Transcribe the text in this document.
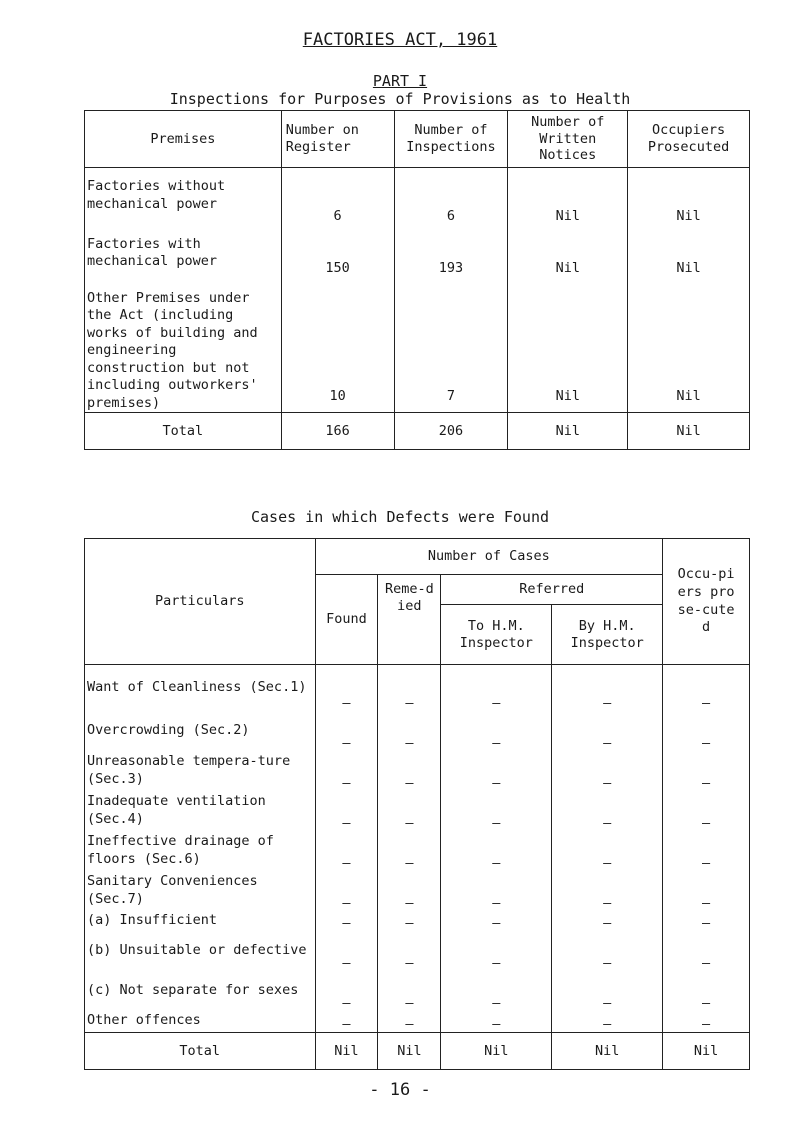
FACTORIES ACT, 1961
PART I
Inspections for Purposes of Provisions as to Health
Premises	Number on Register	Number of Inspections	Number of Written Notices	Occupiers Prosecuted
Factories without mechanical power	6	6	Nil	Nil
Factories with mechanical power	150	193	Nil	Nil
Other Premises under the Act (including works of building and engineering construction but not including outworkers' premises)	10	7	Nil	Nil
Total	166	206	Nil	Nil
Cases in which Defects were Found
Particulars	Number of Cases				Occu-piers prose-cuted
	Found	Reme-died	Referred		
			To H.M. Inspector	By H.M. Inspector	
Want of Cleanliness (Sec.1)	—	—	—	—	—
Overcrowding (Sec.2)	—	—	—	—	—
Unreasonable tempera-ture (Sec.3)	—	—	—	—	—
Inadequate ventilation (Sec.4)	—	—	—	—	—
Ineffective drainage of floors (Sec.6)	—	—	—	—	—
Sanitary Conveniences (Sec.7)	—	—	—	—	—
(a) Insufficient	—	—	—	—	—
(b) Unsuitable or defective	—	—	—	—	—
(c) Not separate for sexes	—	—	—	—	—
Other offences	—	—	—	—	—
Total	Nil	Nil	Nil	Nil	Nil
- 16 -
